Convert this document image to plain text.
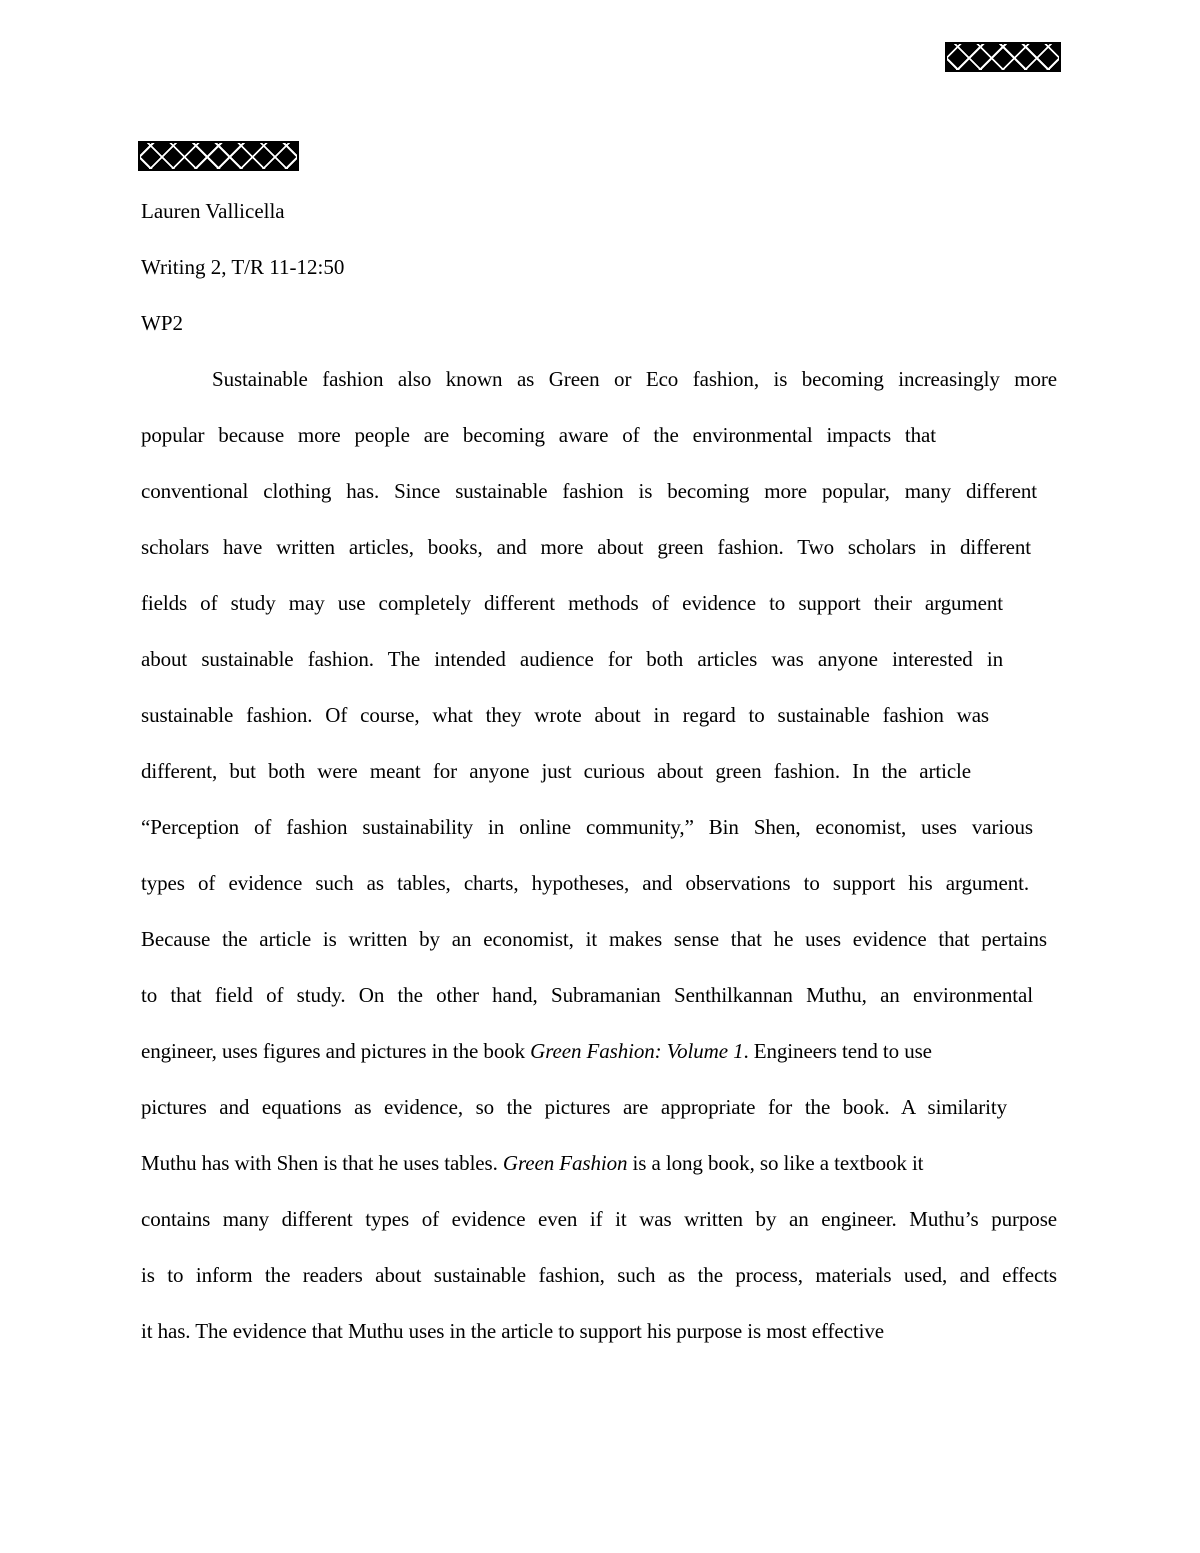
Lauren Vallicella
Writing 2, T/R 11-12:50
WP2
Sustainable fashion also known as Green or Eco fashion, is becoming increasingly more
popular because more people are becoming aware of the environmental impacts that
conventional clothing has. Since sustainable fashion is becoming more popular, many different
scholars have written articles, books, and more about green fashion. Two scholars in different
fields of study may use completely different methods of evidence to support their argument
about sustainable fashion. The intended audience for both articles was anyone interested in
sustainable fashion. Of course, what they wrote about in regard to sustainable fashion was
different, but both were meant for anyone just curious about green fashion. In the article
“Perception of fashion sustainability in online community,” Bin Shen, economist, uses various
types of evidence such as tables, charts, hypotheses, and observations to support his argument.
Because the article is written by an economist, it makes sense that he uses evidence that pertains
to that field of study. On the other hand, Subramanian Senthilkannan Muthu, an environmental
engineer, uses figures and pictures in the book Green Fashion: Volume 1. Engineers tend to use
pictures and equations as evidence, so the pictures are appropriate for the book. A similarity
Muthu has with Shen is that he uses tables. Green Fashion is a long book, so like a textbook it
contains many different types of evidence even if it was written by an engineer. Muthu’s purpose
is to inform the readers about sustainable fashion, such as the process, materials used, and effects
it has. The evidence that Muthu uses in the article to support his purpose is most effective
